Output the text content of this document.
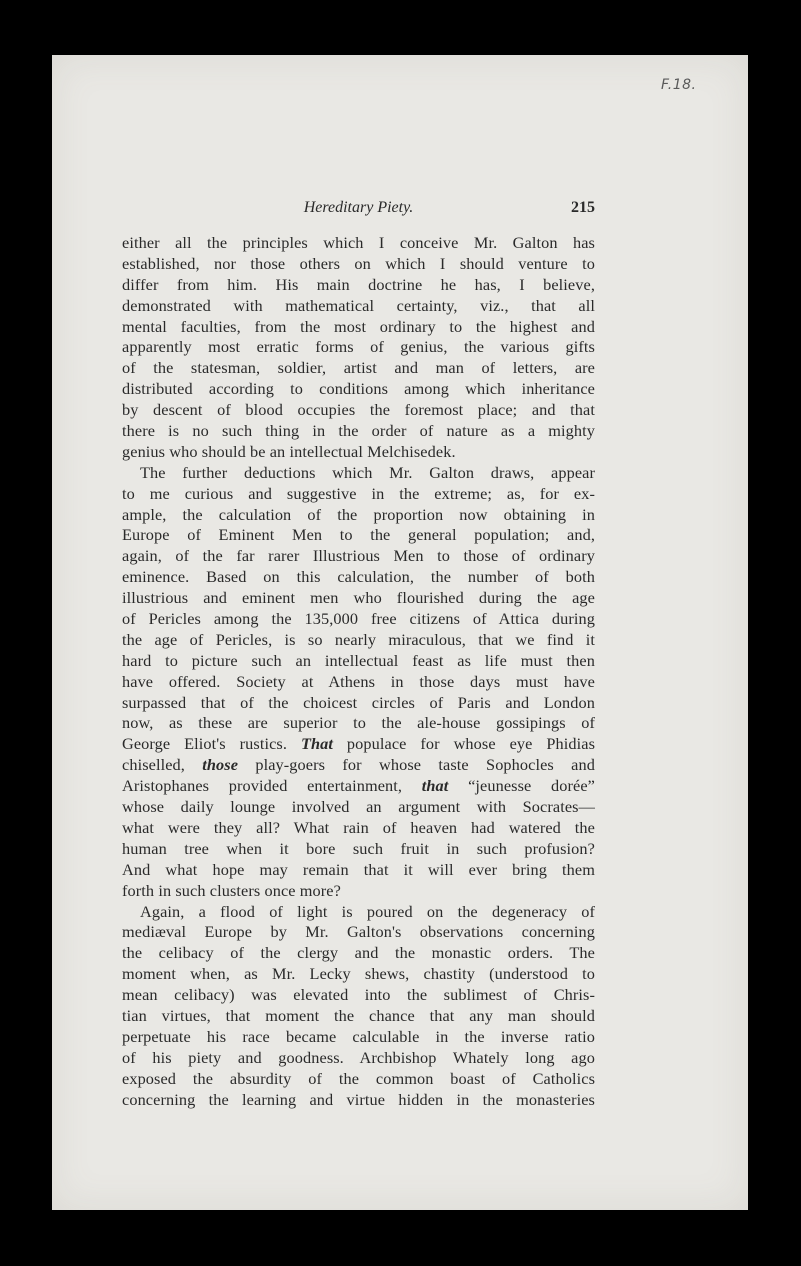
F.18.
Hereditary Piety.	215
either all the principles which I conceive Mr. Galton has
established, nor those others on which I should venture to
differ from him. His main doctrine he has, I believe,
demonstrated with mathematical certainty, viz., that all
mental faculties, from the most ordinary to the highest and
apparently most erratic forms of genius, the various gifts
of the statesman, soldier, artist and man of letters, are
distributed according to conditions among which inheritance
by descent of blood occupies the foremost place; and that
there is no such thing in the order of nature as a mighty
genius who should be an intellectual Melchisedek.
The further deductions which Mr. Galton draws, appear
to me curious and suggestive in the extreme; as, for ex-
ample, the calculation of the proportion now obtaining in
Europe of Eminent Men to the general population; and,
again, of the far rarer Illustrious Men to those of ordinary
eminence. Based on this calculation, the number of both
illustrious and eminent men who flourished during the age
of Pericles among the 135,000 free citizens of Attica during
the age of Pericles, is so nearly miraculous, that we find it
hard to picture such an intellectual feast as life must then
have offered. Society at Athens in those days must have
surpassed that of the choicest circles of Paris and London
now, as these are superior to the ale-house gossipings of
George Eliot's rustics. That populace for whose eye Phidias
chiselled, those play-goers for whose taste Sophocles and
Aristophanes provided entertainment, that “jeunesse dorée”
whose daily lounge involved an argument with Socrates—
what were they all? What rain of heaven had watered the
human tree when it bore such fruit in such profusion?
And what hope may remain that it will ever bring them
forth in such clusters once more?
Again, a flood of light is poured on the degeneracy of
mediæval Europe by Mr. Galton's observations concerning
the celibacy of the clergy and the monastic orders. The
moment when, as Mr. Lecky shews, chastity (understood to
mean celibacy) was elevated into the sublimest of Chris-
tian virtues, that moment the chance that any man should
perpetuate his race became calculable in the inverse ratio
of his piety and goodness. Archbishop Whately long ago
exposed the absurdity of the common boast of Catholics
concerning the learning and virtue hidden in the monasteries
